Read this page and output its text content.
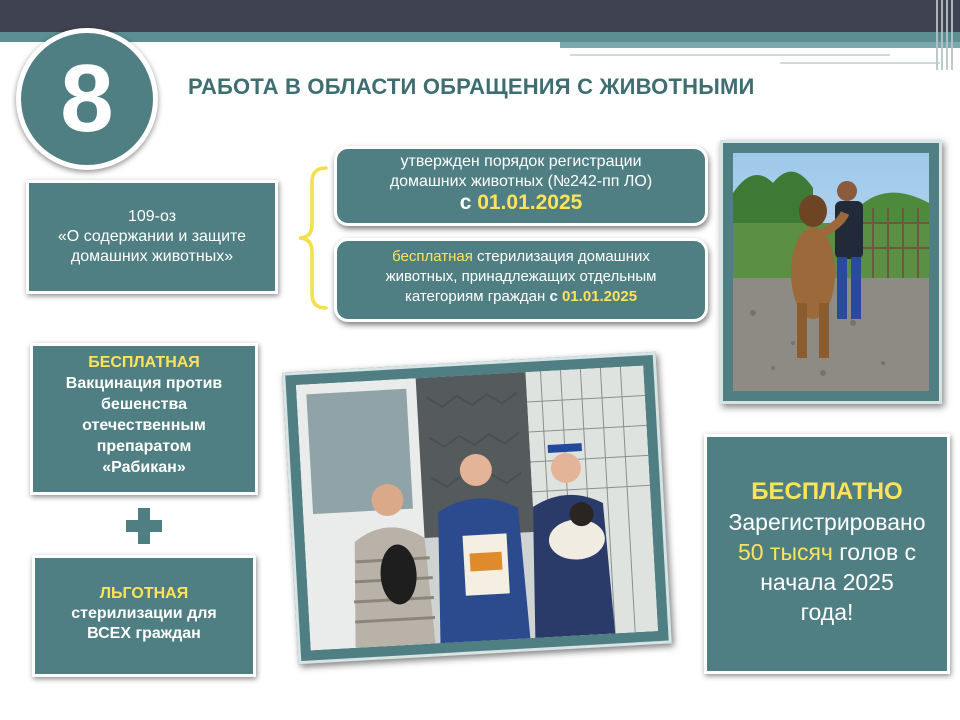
8	РАБОТА В ОБЛАСТИ ОБРАЩЕНИЯ С ЖИВОТНЫМИ
109-оз
«О содержании и защите
домашних животных»
утвержден порядок регистрации
домашних животных (№242-пп ЛО)
с 01.01.2025
бесплатная стерилизация домашних
животных, принадлежащих отдельным
категориям граждан с 01.01.2025
БЕСПЛАТНАЯ
Вакцинация против
бешенства
отечественным
препаратом
«Рабикан»
ЛЬГОТНАЯ
стерилизации для
ВСЕХ граждан
БЕСПЛАТНО
Зарегистрировано
50 тысяч голов с
начала 2025
года!
